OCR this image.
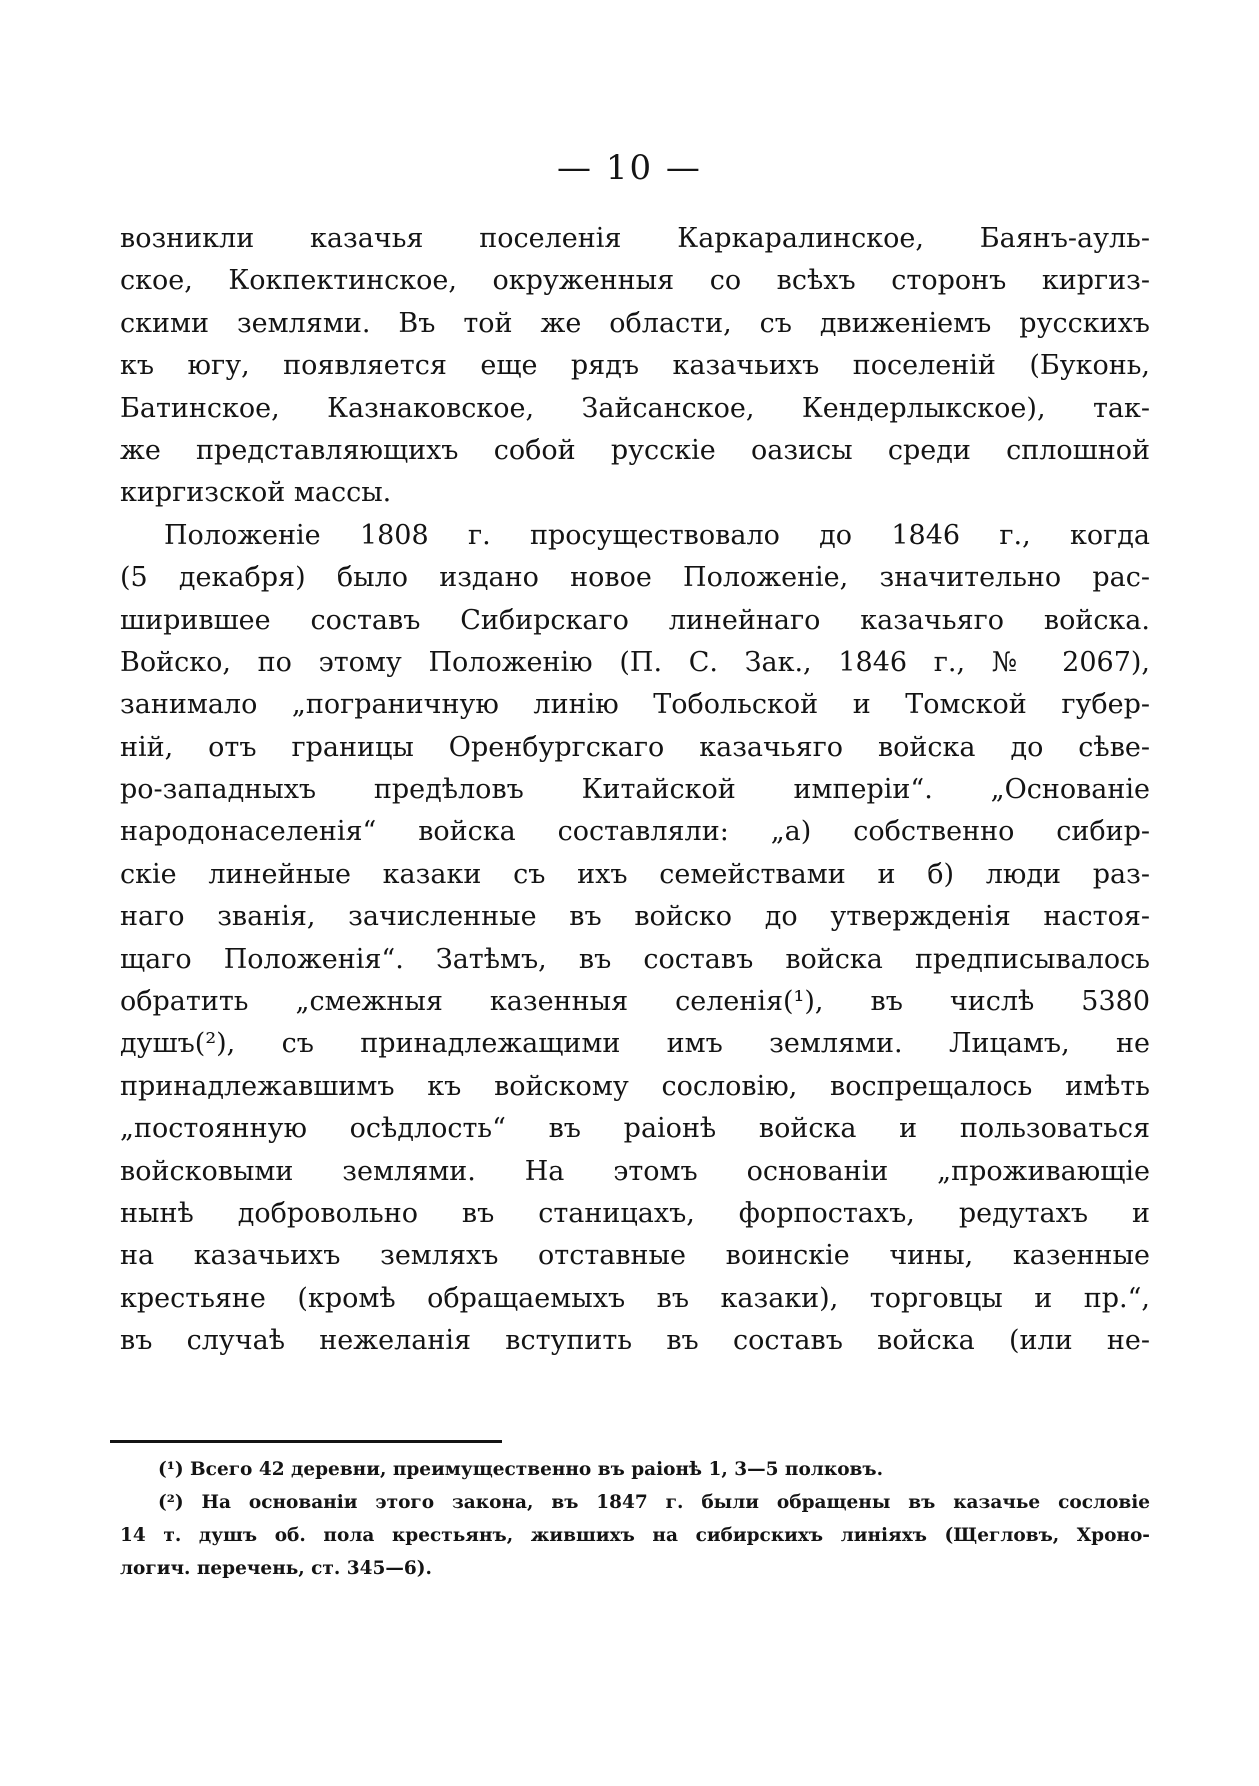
— 10 —
возникли казачья поселенія Каркаралинское, Баянъ-ауль-
ское, Кокпектинское, окруженныя со всѣхъ сторонъ киргиз-
скими землями. Въ той же области, съ движеніемъ русскихъ
къ югу, появляется еще рядъ казачьихъ поселеній (Буконь,
Батинское, Казнаковское, Зайсанское, Кендерлыкское), так-
же представляющихъ собой русскіе оазисы среди сплошной
киргизской массы.
Положеніе 1808 г. просуществовало до 1846 г., когда
(5 декабря) было издано новое Положеніе, значительно рас-
ширившее составъ Сибирскаго линейнаго казачьяго войска.
Войско, по этому Положенію (П. С. Зак., 1846 г., № 2067),
занимало „пограничную линію Тобольской и Томской губер-
ній, отъ границы Оренбургскаго казачьяго войска до сѣве-
ро-западныхъ предѣловъ Китайской имперіи“. „Основаніе
народонаселенія“ войска составляли: „а) собственно сибир-
скіе линейные казаки съ ихъ семействами и б) люди раз-
наго званія, зачисленные въ войско до утвержденія настоя-
щаго Положенія“. Затѣмъ, въ составъ войска предписывалось
обратить „смежныя казенныя селенія(¹), въ числѣ 5380
душъ(²), съ принадлежащими имъ землями. Лицамъ, не
принадлежавшимъ къ войскому сословію, воспрещалось имѣть
„постоянную осѣдлость“ въ раіонѣ войска и пользоваться
войсковыми землями. На этомъ основаніи „проживающіе
нынѣ добровольно въ станицахъ, форпостахъ, редутахъ и
на казачьихъ земляхъ отставные воинскіе чины, казенные
крестьяне (кромѣ обращаемыхъ въ казаки), торговцы и пр.“,
въ случаѣ нежеланія вступить въ составъ войска (или не-
(¹) Всего 42 деревни, преимущественно въ раіонѣ 1, 3—5 полковъ.
(²) На основаніи этого закона, въ 1847 г. были обращены въ казачье сословіе
14 т. душъ об. пола крестьянъ, жившихъ на сибирскихъ линіяхъ (Щегловъ, Хроно-
логич. перечень, ст. 345—6).
